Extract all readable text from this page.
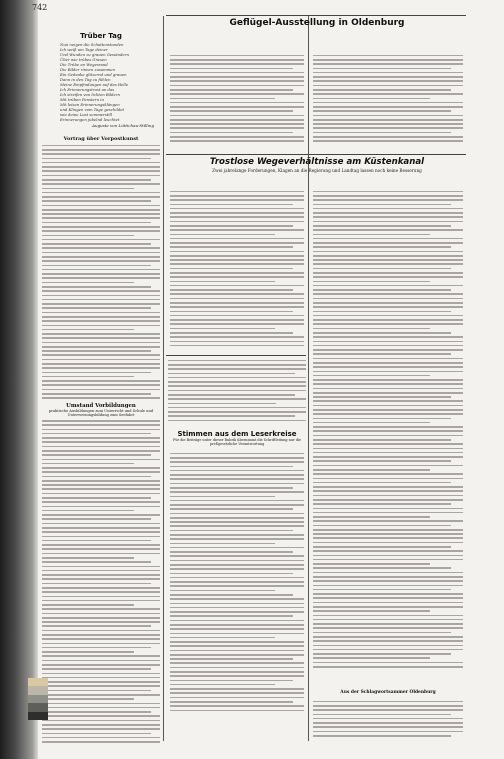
742
Trüber Tag
Nun neigen die Schattenstunden
Ich weiß um Tage deiner
Und Wunden zu grauen Gewändern
Über wie trübes Grauen
Die Trübe an Wegesrand
Die Bilder rinnen zusammen
Ein Gedanke glitzernd und grauen
Dann in den Tag zu fühlen
Meine Empfindungen auf das Helle
Ich Erinnerungstrost an das
Ich streifen von lichten Bildern
Mit trüben Fenstern in
Mit leisen Erinnerungsklängen
und Klingen vom Tage geschildet
wie deine Lust sommerstill
Erinnerungen jubelnd leuchtet
Auguste von Lüttichau-Stilling
Vortrag über Vorpostkunst
Umstand Vorbildungen
praktische Ausbildungen zum Unterricht und Schule und Unterweisungsbildung zum Seefahrt
Geflügel-Ausstellung in Oldenburg
Trostlose Wegeverhältnisse am Küstenkanal
Zwei jahrelange Forderungen, Klagen an die Regierung und Landtag lassen noch keine Besserung
Stimmen aus dem Leserkreise
Für die Beiträge unter dieser Rubrik übernimmt die Schriftleitung nur die preßgesetzliche Verantwortung
Aus der Schlagwortsammer Oldenburg
